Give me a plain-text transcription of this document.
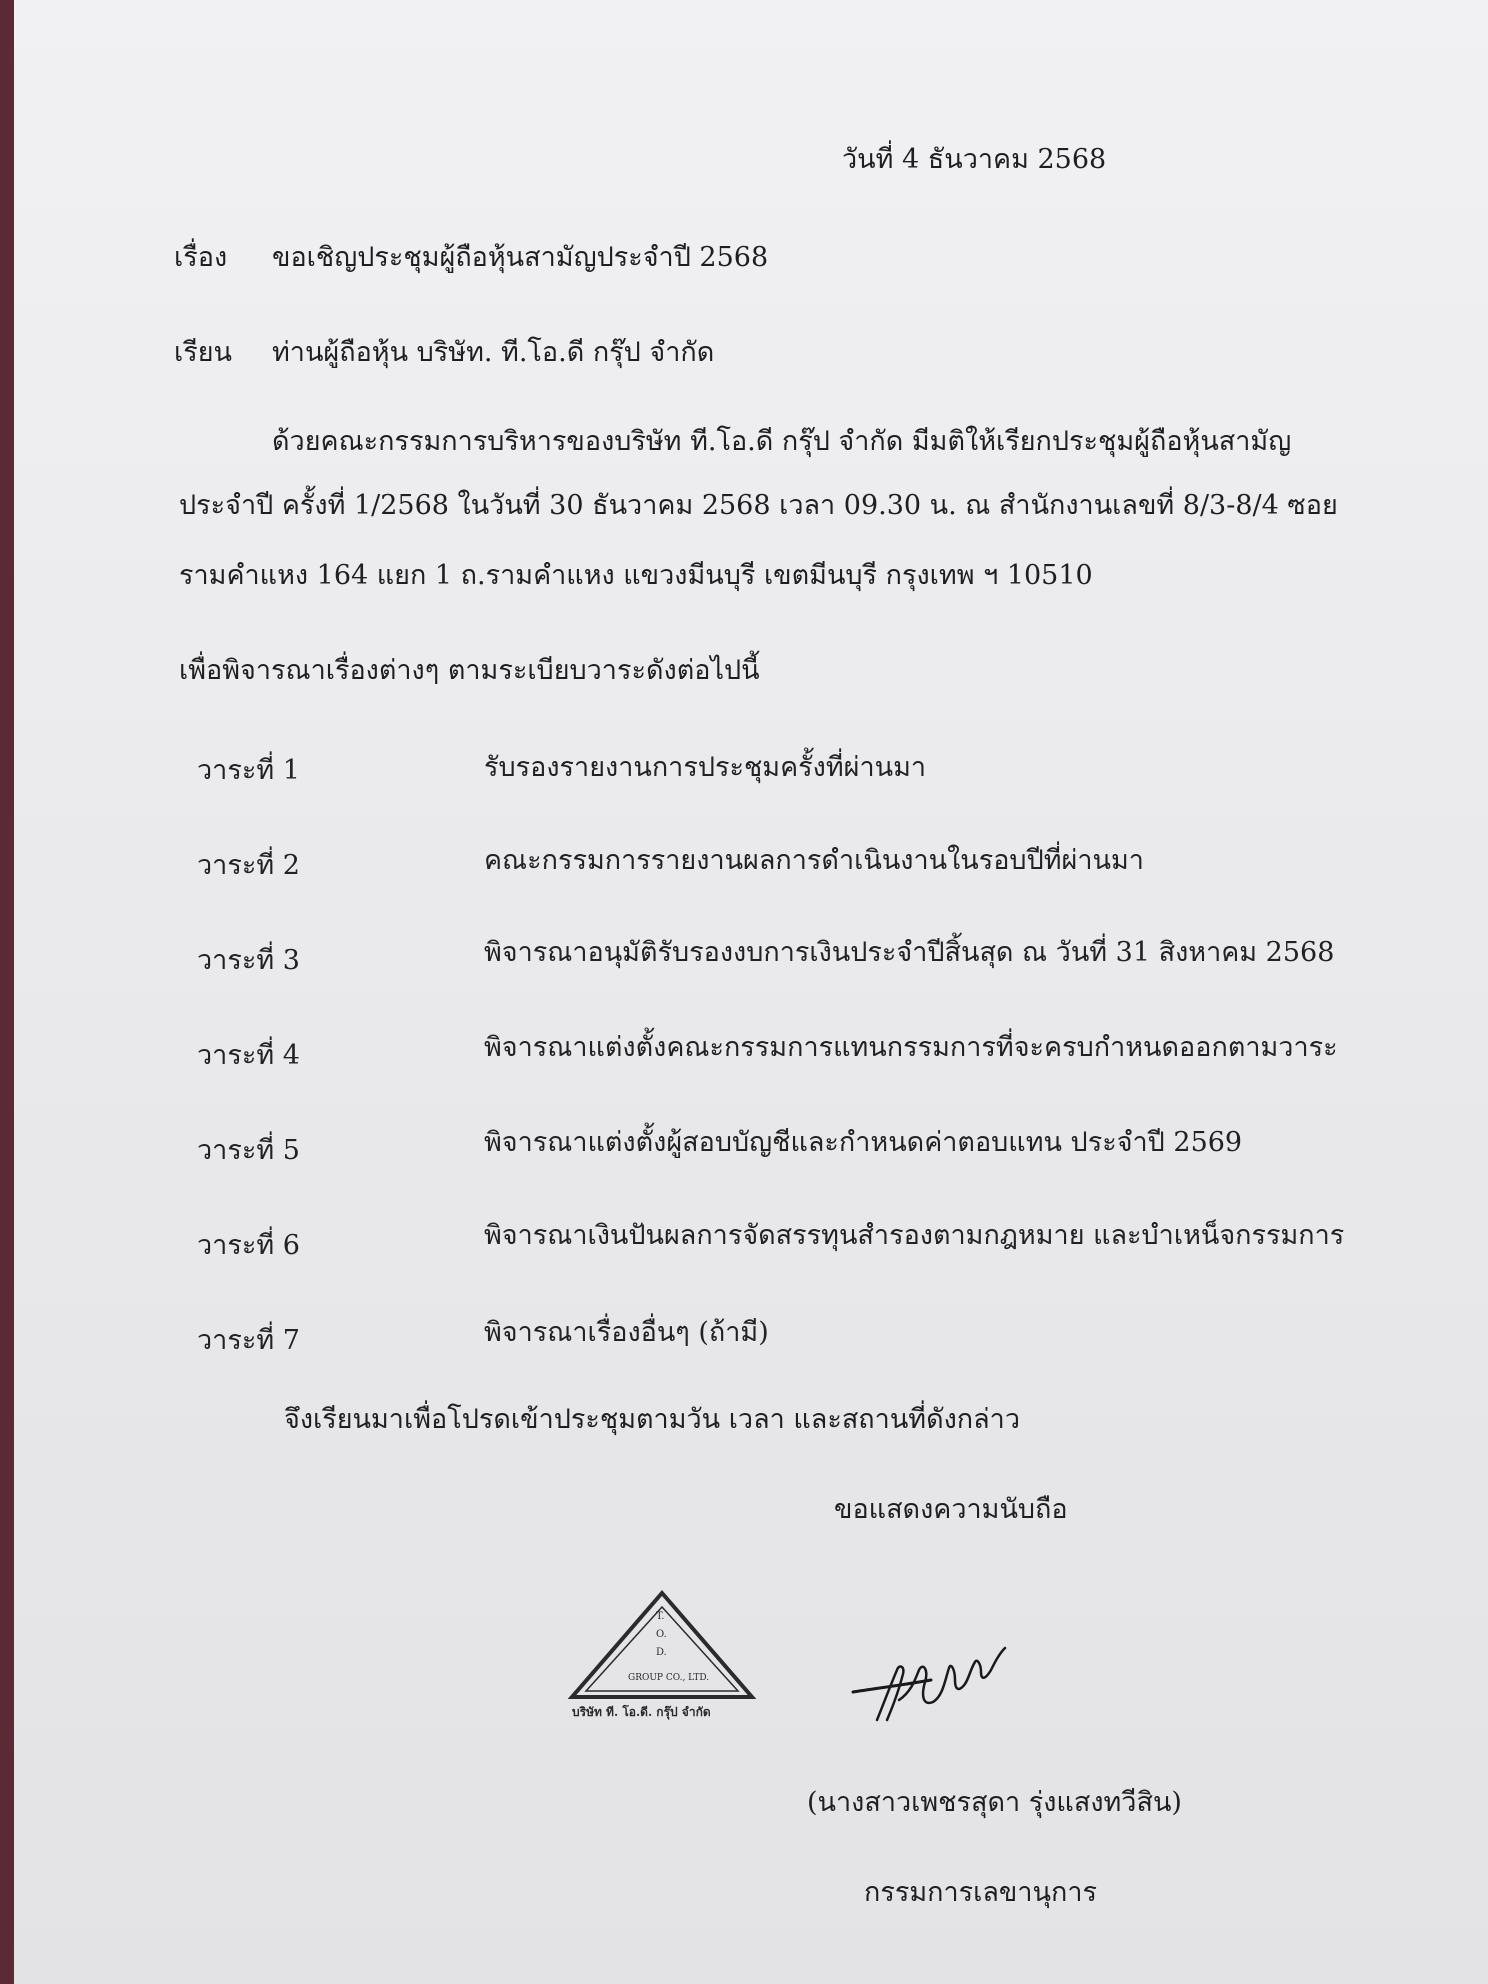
วันที่ 4 ธันวาคม 2568
เรื่อง ขอเชิญประชุมผู้ถือหุ้นสามัญประจำปี 2568
เรียน ท่านผู้ถือหุ้น บริษัท. ที.โอ.ดี กรุ๊ป จำกัด
ด้วยคณะกรรมการบริหารของบริษัท ที.โอ.ดี กรุ๊ป จำกัด มีมติให้เรียกประชุมผู้ถือหุ้นสามัญ
ประจำปี ครั้งที่ 1/2568 ในวันที่ 30 ธันวาคม 2568 เวลา 09.30 น. ณ สำนักงานเลขที่ 8/3-8/4 ซอย
รามคำแหง 164 แยก 1 ถ.รามคำแหง แขวงมีนบุรี เขตมีนบุรี กรุงเทพ ฯ 10510
เพื่อพิจารณาเรื่องต่างๆ ตามระเบียบวาระดังต่อไปนี้
วาระที่ 1	รับรองรายงานการประชุมครั้งที่ผ่านมา
วาระที่ 2	คณะกรรมการรายงานผลการดำเนินงานในรอบปีที่ผ่านมา
วาระที่ 3	พิจารณาอนุมัติรับรองงบการเงินประจำปีสิ้นสุด ณ วันที่ 31 สิงหาคม 2568
วาระที่ 4	พิจารณาแต่งตั้งคณะกรรมการแทนกรรมการที่จะครบกำหนดออกตามวาระ
วาระที่ 5	พิจารณาแต่งตั้งผู้สอบบัญชีและกำหนดค่าตอบแทน ประจำปี 2569
วาระที่ 6	พิจารณาเงินปันผลการจัดสรรทุนสำรองตามกฎหมาย และบำเหน็จกรรมการ
วาระที่ 7	พิจารณาเรื่องอื่นๆ (ถ้ามี)
จึงเรียนมาเพื่อโปรดเข้าประชุมตามวัน เวลา และสถานที่ดังกล่าว
ขอแสดงความนับถือ
T.
O.
D.
GROUP CO., LTD.
บริษัท ที. โอ.ดี. กรุ๊ป จำกัด
(นางสาวเพชรสุดา รุ่งแสงทวีสิน)
กรรมการเลขานุการ
